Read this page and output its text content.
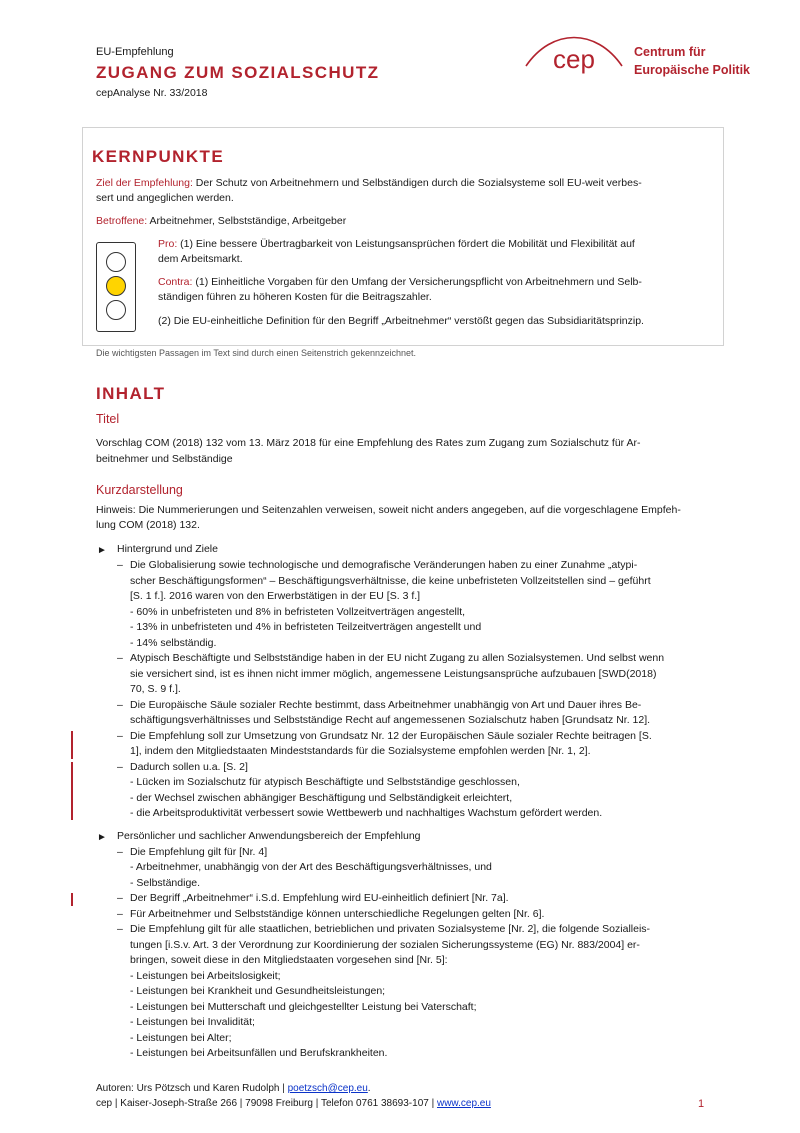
EU-Empfehlung
ZUGANG ZUM SOZIALSCHUTZ
cepAnalyse Nr. 33/2018
cep	Centrum für
Europäische Politik
KERNPUNKTE
Ziel der Empfehlung: Der Schutz von Arbeitnehmern und Selbständigen durch die Sozialsysteme soll EU-weit verbes-
sert und angeglichen werden.
Betroffene: Arbeitnehmer, Selbstständige, Arbeitgeber
Pro: (1) Eine bessere Übertragbarkeit von Leistungsansprüchen fördert die Mobilität und Flexibilität auf
dem Arbeitsmarkt.
Contra: (1) Einheitliche Vorgaben für den Umfang der Versicherungspflicht von Arbeitnehmern und Selb-
ständigen führen zu höheren Kosten für die Beitragszahler.
(2) Die EU-einheitliche Definition für den Begriff „Arbeitnehmer“ verstößt gegen das Subsidiaritätsprinzip.
Die wichtigsten Passagen im Text sind durch einen Seitenstrich gekennzeichnet.
INHALT
Titel
Vorschlag COM (2018) 132 vom 13. März 2018 für eine Empfehlung des Rates zum Zugang zum Sozialschutz für Ar-
beitnehmer und Selbständige
Kurzdarstellung
Hinweis: Die Nummerierungen und Seitenzahlen verweisen, soweit nicht anders angegeben, auf die vorgeschlagene Empfeh-
lung COM (2018) 132.
► Hintergrund und Ziele
– Die Globalisierung sowie technologische und demografische Veränderungen haben zu einer Zunahme „atypi-
scher Beschäftigungsformen“ – Beschäftigungsverhältnisse, die keine unbefristeten Vollzeitstellen sind – geführt
[S. 1 f.]. 2016 waren von den Erwerbstätigen in der EU [S. 3 f.]
- 60% in unbefristeten und 8% in befristeten Vollzeitverträgen angestellt,
- 13% in unbefristeten und 4% in befristeten Teilzeitverträgen angestellt und
- 14% selbständig.
– Atypisch Beschäftigte und Selbstständige haben in der EU nicht Zugang zu allen Sozialsystemen. Und selbst wenn
sie versichert sind, ist es ihnen nicht immer möglich, angemessene Leistungsansprüche aufzubauen [SWD(2018)
70, S. 9 f.].
– Die Europäische Säule sozialer Rechte bestimmt, dass Arbeitnehmer unabhängig von Art und Dauer ihres Be-
schäftigungsverhältnisses und Selbstständige Recht auf angemessenen Sozialschutz haben [Grundsatz Nr. 12].
– Die Empfehlung soll zur Umsetzung von Grundsatz Nr. 12 der Europäischen Säule sozialer Rechte beitragen [S.
1], indem den Mitgliedstaaten Mindeststandards für die Sozialsysteme empfohlen werden [Nr. 1, 2].
– Dadurch sollen u.a. [S. 2]
- Lücken im Sozialschutz für atypisch Beschäftigte und Selbstständige geschlossen,
- der Wechsel zwischen abhängiger Beschäftigung und Selbständigkeit erleichtert,
- die Arbeitsproduktivität verbessert sowie Wettbewerb und nachhaltiges Wachstum gefördert werden.
► Persönlicher und sachlicher Anwendungsbereich der Empfehlung
– Die Empfehlung gilt für [Nr. 4]
- Arbeitnehmer, unabhängig von der Art des Beschäftigungsverhältnisses, und
- Selbständige.
– Der Begriff „Arbeitnehmer“ i.S.d. Empfehlung wird EU-einheitlich definiert [Nr. 7a].
– Für Arbeitnehmer und Selbstständige können unterschiedliche Regelungen gelten [Nr. 6].
– Die Empfehlung gilt für alle staatlichen, betrieblichen und privaten Sozialsysteme [Nr. 2], die folgende Sozialleis-
tungen [i.S.v. Art. 3 der Verordnung zur Koordinierung der sozialen Sicherungssysteme (EG) Nr. 883/2004] er-
bringen, soweit diese in den Mitgliedstaaten vorgesehen sind [Nr. 5]:
- Leistungen bei Arbeitslosigkeit;
- Leistungen bei Krankheit und Gesundheitsleistungen;
- Leistungen bei Mutterschaft und gleichgestellter Leistung bei Vaterschaft;
- Leistungen bei Invalidität;
- Leistungen bei Alter;
- Leistungen bei Arbeitsunfällen und Berufskrankheiten.
Autoren: Urs Pötzsch und Karen Rudolph | poetzsch@cep.eu.
cep | Kaiser-Joseph-Straße 266 | 79098 Freiburg | Telefon 0761 38693-107 | www.cep.eu	1
